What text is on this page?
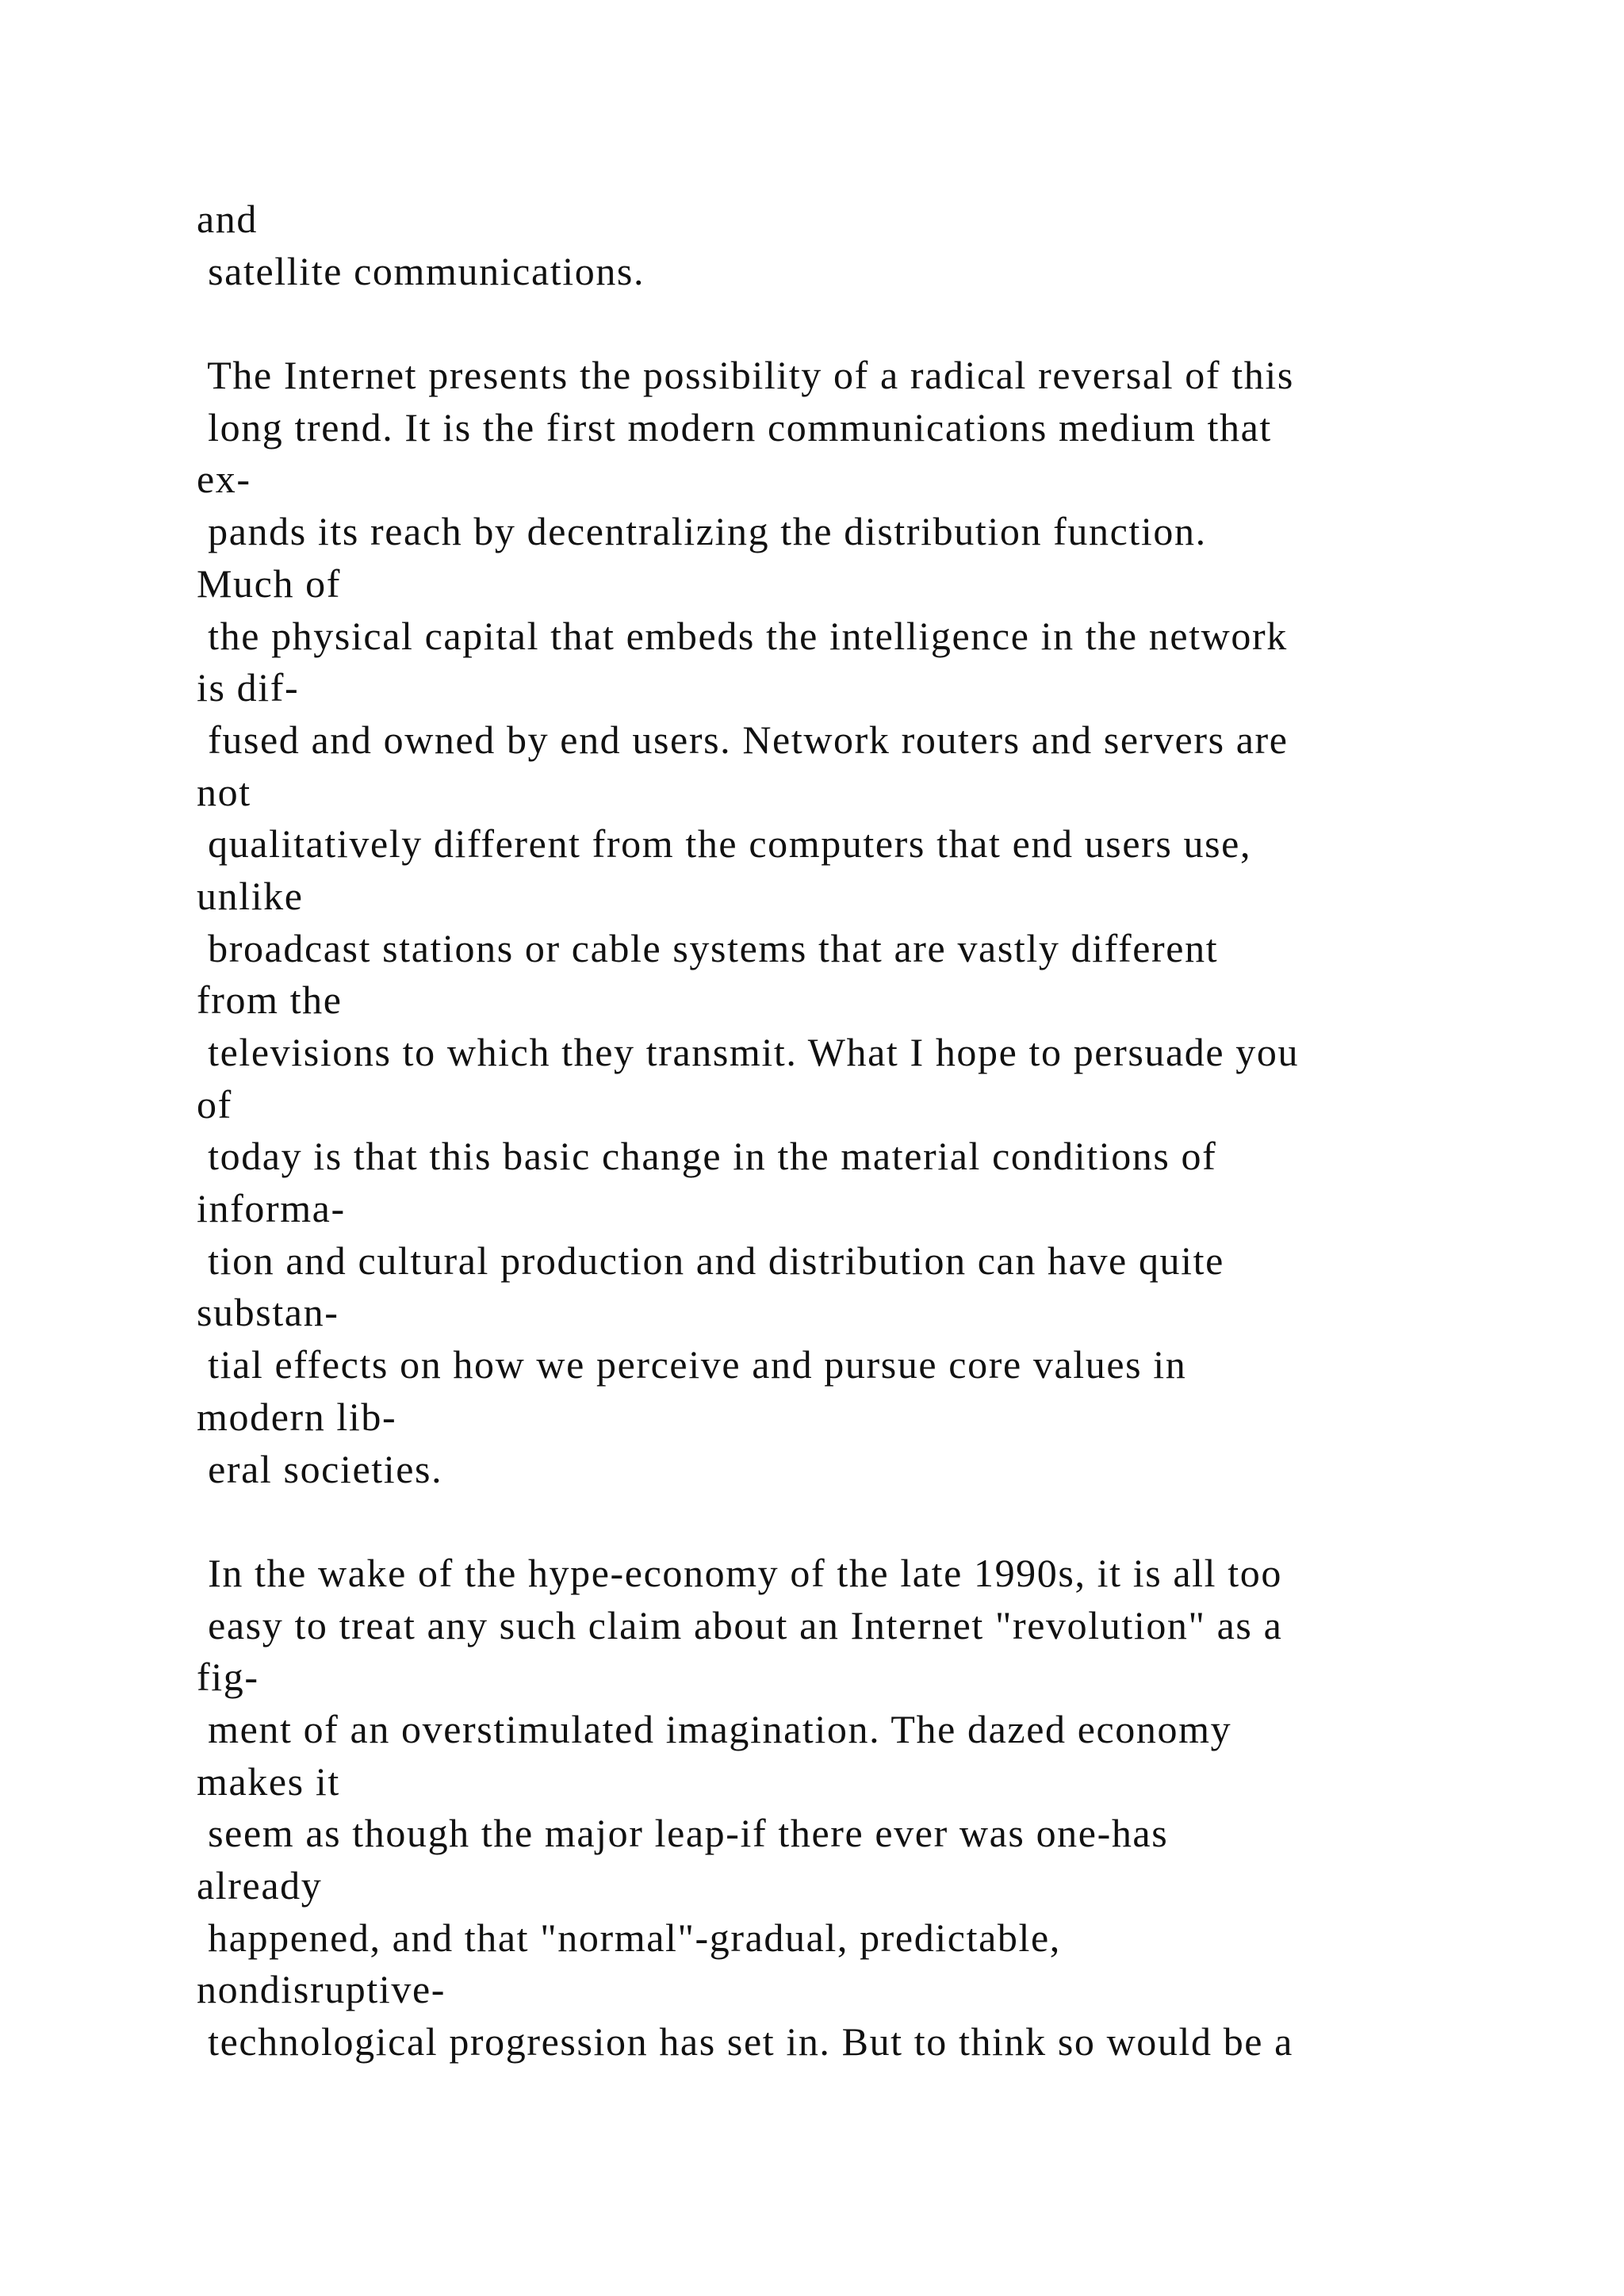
and
satellite communications.
The Internet presents the possibility of a radical reversal of this
long trend. It is the first modern communications medium that
ex-
pands its reach by decentralizing the distribution function.
Much of
the physical capital that embeds the intelligence in the network
is dif-
fused and owned by end users. Network routers and servers are
not
qualitatively different from the computers that end users use,
unlike
broadcast stations or cable systems that are vastly different
from the
televisions to which they transmit. What I hope to persuade you
of
today is that this basic change in the material conditions of
informa-
tion and cultural production and distribution can have quite
substan-
tial effects on how we perceive and pursue core values in
modern lib-
eral societies.
In the wake of the hype-economy of the late 1990s, it is all too
easy to treat any such claim about an Internet "revolution" as a
fig-
ment of an overstimulated imagination. The dazed economy
makes it
seem as though the major leap-if there ever was one-has
already
happened, and that "normal"-gradual, predictable,
nondisruptive-
technological progression has set in. But to think so would be a
